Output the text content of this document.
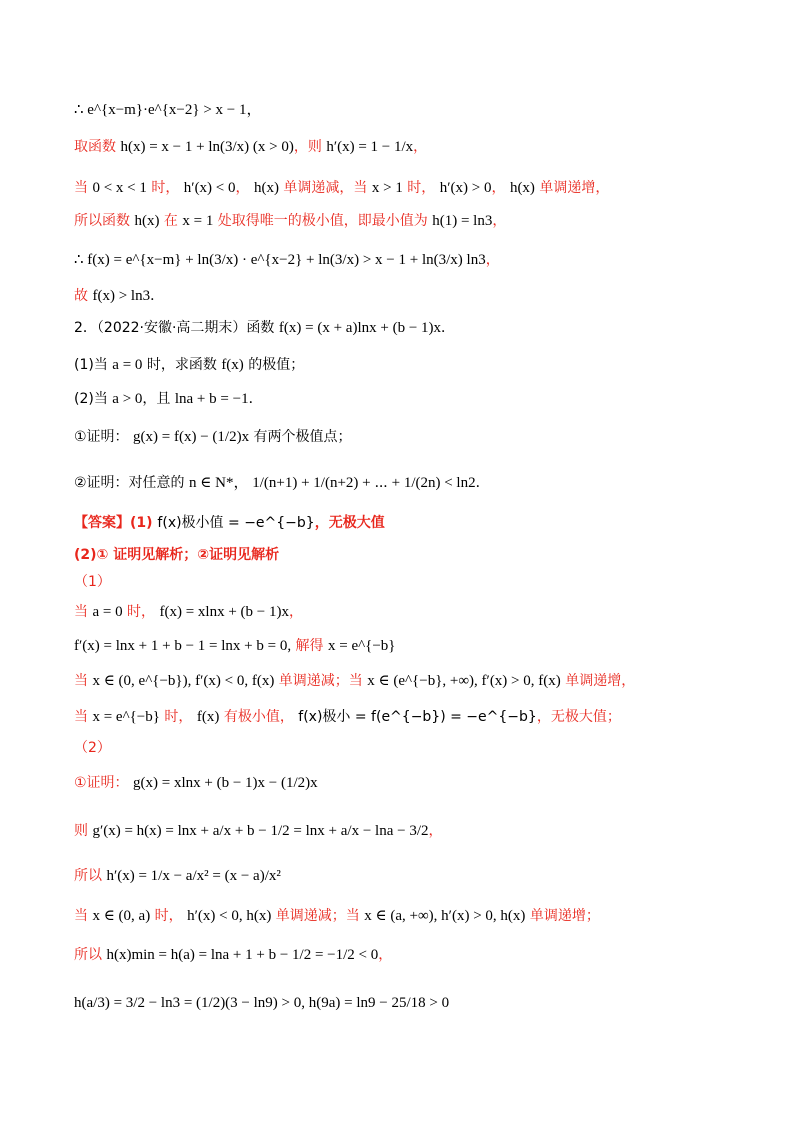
∴ e^{x−m}·e^{x−2} > x − 1，
取函数 h(x) = x − 1 + ln(3/x) (x > 0)，则 h′(x) = 1 − 1/x，
当 0 < x < 1 时， h′(x) < 0， h(x) 单调递减，当 x > 1 时， h′(x) > 0， h(x) 单调递增，
所以函数 h(x) 在 x = 1 处取得唯一的极小值，即最小值为 h(1) = ln3，
∴ f(x) = e^{x−m} + ln(3/x) · e^{x−2} + ln(3/x) > x − 1 + ln(3/x) ln3，
故 f(x) > ln3．
2．（2022·安徽·高二期末）函数 f(x) = (x + a)lnx + (b − 1)x．
(1)当 a = 0 时，求函数 f(x) 的极值；
(2)当 a > 0，且 lna + b = −1．
①证明： g(x) = f(x) − (1/2)x 有两个极值点；
②证明：对任意的 n ∈ N*， 1/(n+1) + 1/(n+2) + ⋯ + 1/(2n) < ln2．
【答案】(1) f(x)极小值 = −e^{−b}，无极大值
(2)① 证明见解析；②证明见解析
（1）
当 a = 0 时， f(x) = xlnx + (b − 1)x，
f′(x) = lnx + 1 + b − 1 = lnx + b = 0, 解得 x = e^{−b}
当 x ∈ (0, e^{−b}), f′(x) < 0, f(x) 单调递减；当 x ∈ (e^{−b}, +∞), f′(x) > 0, f(x) 单调递增，
当 x = e^{−b} 时， f(x) 有极小值， f(x)极小 = f(e^{−b}) = −e^{−b}，无极大值；
（2）
①证明： g(x) = xlnx + (b − 1)x − (1/2)x
则 g′(x) = h(x) = lnx + a/x + b − 1/2 = lnx + a/x − lna − 3/2，
所以 h′(x) = 1/x − a/x² = (x − a)/x²
当 x ∈ (0, a) 时， h′(x) < 0, h(x) 单调递减；当 x ∈ (a, +∞), h′(x) > 0, h(x) 单调递增；
所以 h(x)min = h(a) = lna + 1 + b − 1/2 = −1/2 < 0，
h(a/3) = 3/2 − ln3 = (1/2)(3 − ln9) > 0, h(9a) = ln9 − 25/18 > 0
